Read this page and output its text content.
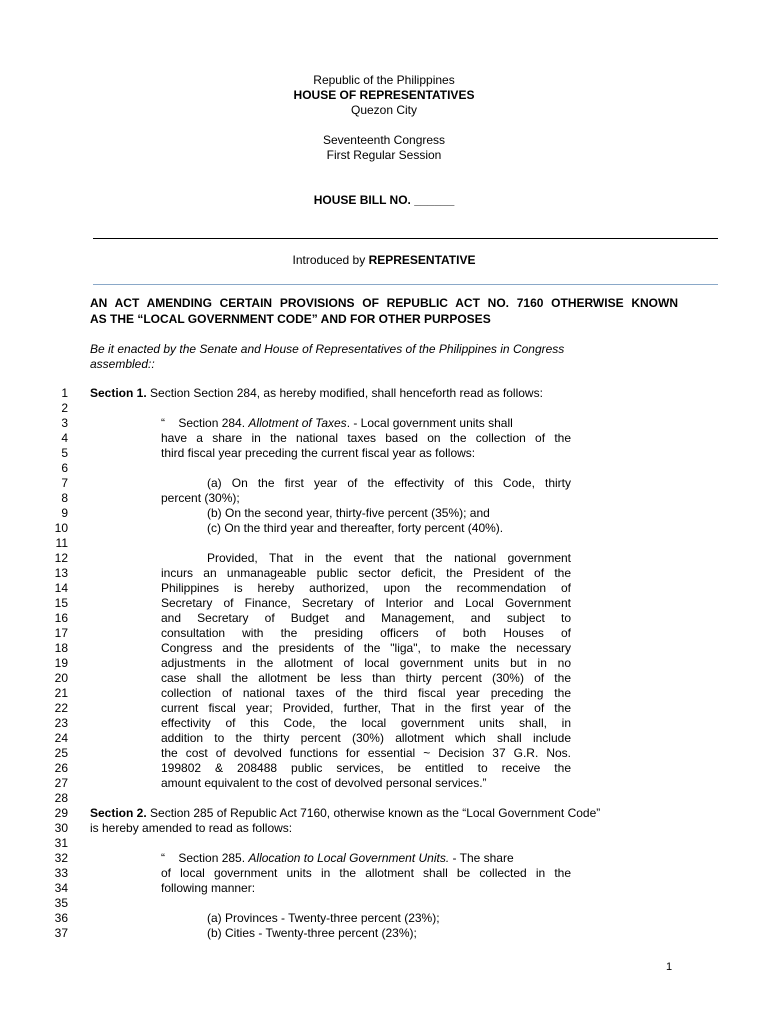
Republic of the Philippines
HOUSE OF REPRESENTATIVES
Quezon City
Seventeenth Congress
First Regular Session
HOUSE BILL NO. ______
Introduced by REPRESENTATIVE
AN ACT AMENDING CERTAIN PROVISIONS OF REPUBLIC ACT NO. 7160 OTHERWISE KNOWN
AS THE “LOCAL GOVERNMENT CODE” AND FOR OTHER PURPOSES
Be it enacted by the Senate and House of Representatives of the Philippines in Congress
assembled::
1
2
3
4
5
6
7
8
9
10
11
12
13
14
15
16
17
18
19
20
21
22
23
24
25
26
27
28
29
30
31
32
33
34
35
36
37
Section 1. Section Section 284, as hereby modified, shall henceforth read as follows:
“ Section 284. Allotment of Taxes. - Local government units shall
have a share in the national taxes based on the collection of the
third fiscal year preceding the current fiscal year as follows:
(a) On the first year of the effectivity of this Code, thirty
percent (30%);
(b) On the second year, thirty-five percent (35%); and
(c) On the third year and thereafter, forty percent (40%).
Provided, That in the event that the national government
incurs an unmanageable public sector deficit, the President of the
Philippines is hereby authorized, upon the recommendation of
Secretary of Finance, Secretary of Interior and Local Government
and Secretary of Budget and Management, and subject to
consultation with the presiding officers of both Houses of
Congress and the presidents of the "liga", to make the necessary
adjustments in the allotment of local government units but in no
case shall the allotment be less than thirty percent (30%) of the
collection of national taxes of the third fiscal year preceding the
current fiscal year; Provided, further, That in the first year of the
effectivity of this Code, the local government units shall, in
addition to the thirty percent (30%) allotment which shall include
the cost of devolved functions for essential ~ Decision 37 G.R. Nos.
199802 & 208488 public services, be entitled to receive the
amount equivalent to the cost of devolved personal services.”
Section 2. Section 285 of Republic Act 7160, otherwise known as the “Local Government Code”
is hereby amended to read as follows:
“ Section 285. Allocation to Local Government Units. - The share
of local government units in the allotment shall be collected in the
following manner:
(a) Provinces - Twenty-three percent (23%);
(b) Cities - Twenty-three percent (23%);
1
